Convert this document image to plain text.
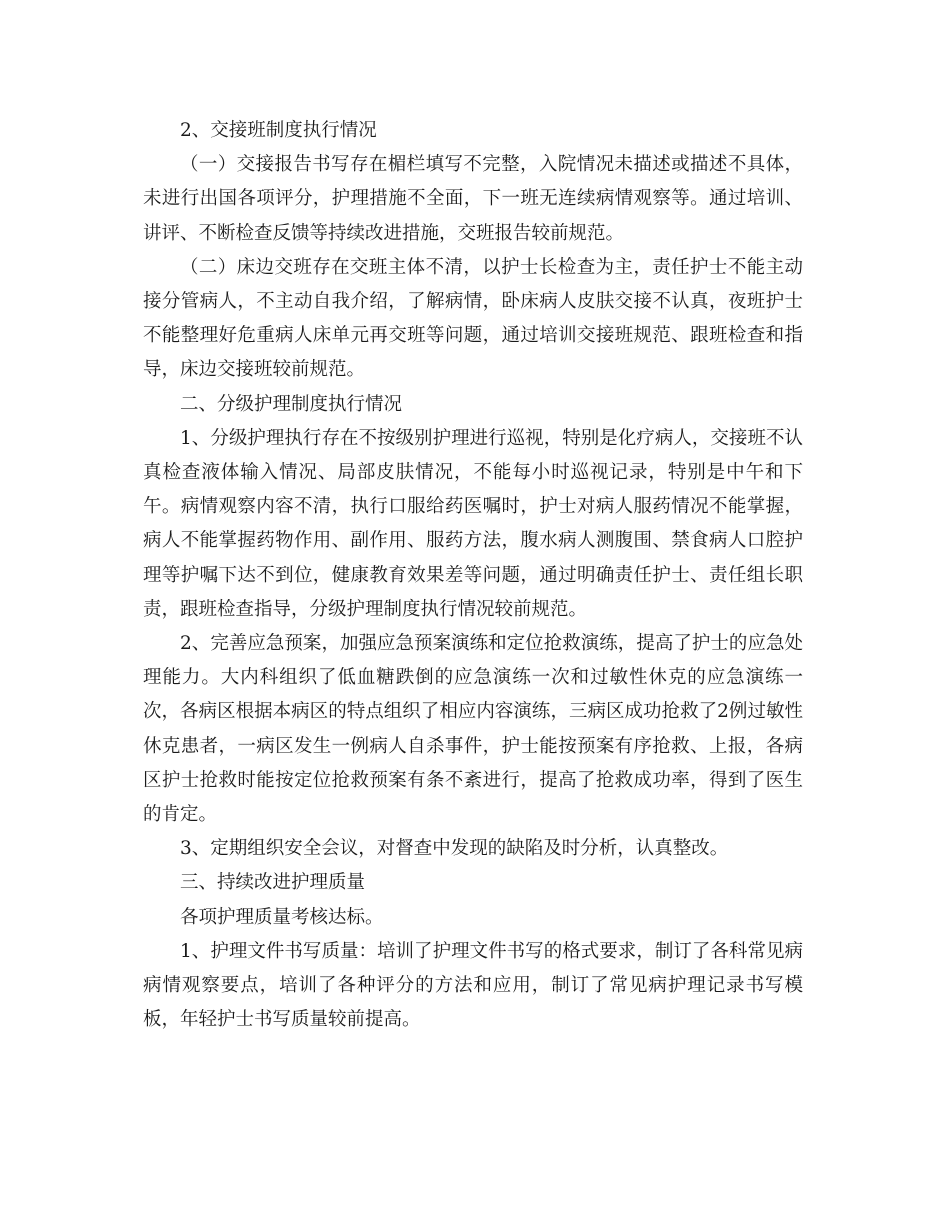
2、交接班制度执行情况

（一）交接报告书写存在楣栏填写不完整，入院情况未描述或描述不具体，未进行出国各项评分，护理措施不全面，下一班无连续病情观察等。通过培训、讲评、不断检查反馈等持续改进措施，交班报告较前规范。

（二）床边交班存在交班主体不清，以护士长检查为主，责任护士不能主动接分管病人，不主动自我介绍，了解病情，卧床病人皮肤交接不认真，夜班护士不能整理好危重病人床单元再交班等问题，通过培训交接班规范、跟班检查和指导，床边交接班较前规范。

二、分级护理制度执行情况

1、分级护理执行存在不按级别护理进行巡视，特别是化疗病人，交接班不认真检查液体输入情况、局部皮肤情况，不能每小时巡视记录，特别是中午和下午。病情观察内容不清，执行口服给药医嘱时，护士对病人服药情况不能掌握，病人不能掌握药物作用、副作用、服药方法，腹水病人测腹围、禁食病人口腔护理等护嘱下达不到位，健康教育效果差等问题，通过明确责任护士、责任组长职责，跟班检查指导，分级护理制度执行情况较前规范。

2、完善应急预案，加强应急预案演练和定位抢救演练，提高了护士的应急处理能力。大内科组织了低血糖跌倒的应急演练一次和过敏性休克的应急演练一次，各病区根据本病区的特点组织了相应内容演练，三病区成功抢救了2例过敏性休克患者，一病区发生一例病人自杀事件，护士能按预案有序抢救、上报，各病区护士抢救时能按定位抢救预案有条不紊进行，提高了抢救成功率，得到了医生的肯定。

3、定期组织安全会议，对督查中发现的缺陷及时分析，认真整改。

三、持续改进护理质量

各项护理质量考核达标。

1、护理文件书写质量：培训了护理文件书写的格式要求，制订了各科常见病病情观察要点，培训了各种评分的方法和应用，制订了常见病护理记录书写模板，年轻护士书写质量较前提高。
